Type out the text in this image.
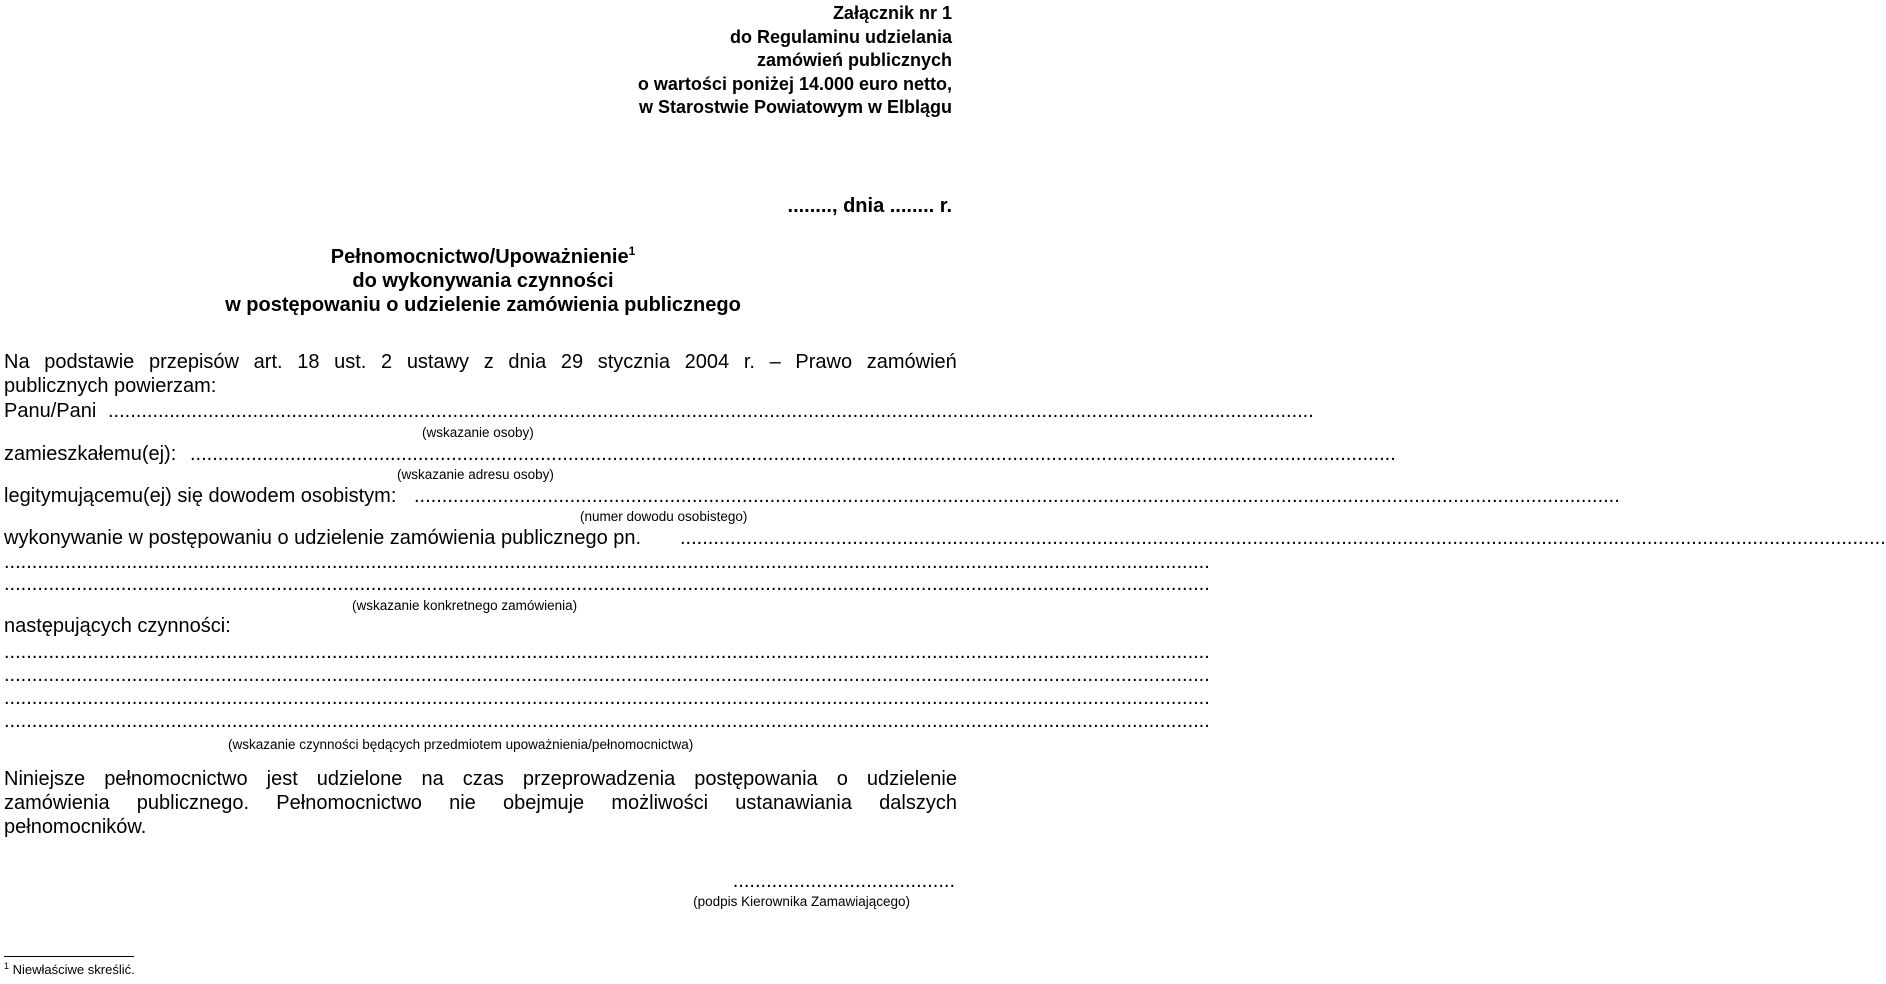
Załącznik nr 1
do Regulaminu udzielania
zamówień publicznych
o wartości poniżej 14.000 euro netto,
w Starostwie Powiatowym w Elblągu
........, dnia ........ r.
Pełnomocnictwo/Upoważnienie$^1$
do wykonywania czynności
w postępowaniu o udzielenie zamówienia publicznego
Na podstawie przepisów art. 18 ust. 2 ustawy z dnia 29 stycznia 2004 r. – Prawo zamówień
publicznych powierzam:
Panu/Pani .........................................................................................................................................................................................................................
(wskazanie osoby)
zamieszkałemu(ej): .........................................................................................................................................................................................................................
(wskazanie adresu osoby)
legitymującemu(ej) się dowodem osobistym: .........................................................................................................................................................................................................................
(numer dowodu osobistego)
wykonywanie w postępowaniu o udzielenie zamówienia publicznego pn. .........................................................................................................................................................................................................................
.........................................................................................................................................................................................................................
.........................................................................................................................................................................................................................
(wskazanie konkretnego zamówienia)
następujących czynności:
.........................................................................................................................................................................................................................
.........................................................................................................................................................................................................................
.........................................................................................................................................................................................................................
.........................................................................................................................................................................................................................
(wskazanie czynności będących przedmiotem upoważnienia/pełnomocnictwa)
Niniejsze pełnomocnictwo jest udzielone na czas przeprowadzenia postępowania o udzielenie
zamówienia publicznego. Pełnomocnictwo nie obejmuje możliwości ustanawiania dalszych
pełnomocników.
........................................
(podpis Kierownika Zamawiającego)
$^1$ Niewłaściwe skreślić.
